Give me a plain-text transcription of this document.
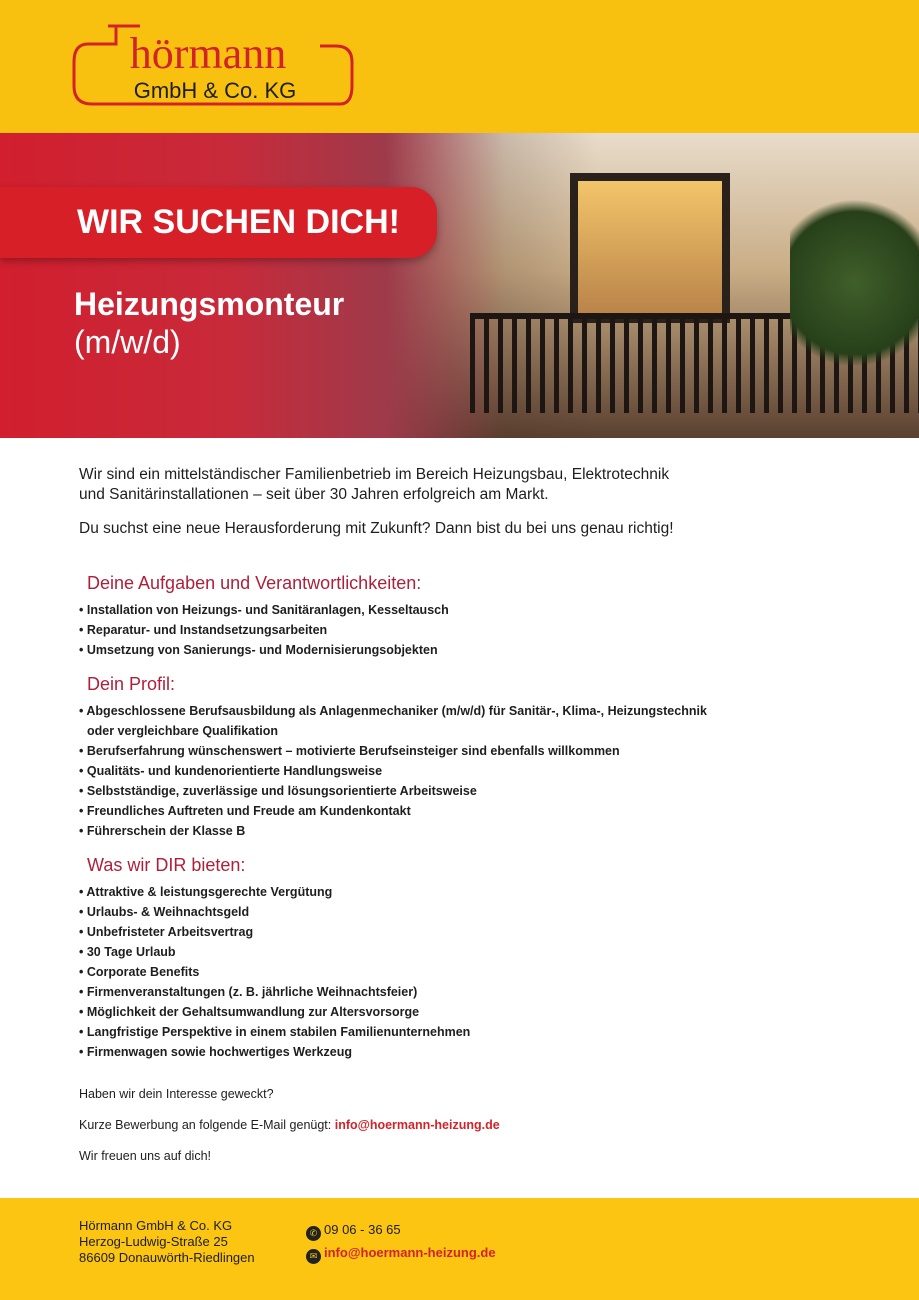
hörmann
GmbH & Co. KG
WIR SUCHEN DICH!
Heizungsmonteur
(m/w/d)

Wir sind ein mittelständischer Familienbetrieb im Bereich Heizungsbau, Elektrotechnik und Sanitärinstallationen – seit über 30 Jahren erfolgreich am Markt.

Du suchst eine neue Herausforderung mit Zukunft? Dann bist du bei uns genau richtig!

Deine Aufgaben und Verantwortlichkeiten:
• Installation von Heizungs- und Sanitäranlagen, Kesseltausch
• Reparatur- und Instandsetzungsarbeiten
• Umsetzung von Sanierungs- und Modernisierungsobjekten
Dein Profil:
• Abgeschlossene Berufsausbildung als Anlagenmechaniker (m/w/d) für Sanitär-, Klima-, Heizungstechnik
oder vergleichbare Qualifikation
• Berufserfahrung wünschenswert – motivierte Berufseinsteiger sind ebenfalls willkommen
• Qualitäts- und kundenorientierte Handlungsweise
• Selbstständige, zuverlässige und lösungsorientierte Arbeitsweise
• Freundliches Auftreten und Freude am Kundenkontakt
• Führerschein der Klasse B
Was wir DIR bieten:
• Attraktive & leistungsgerechte Vergütung
• Urlaubs- & Weihnachtsgeld
• Unbefristeter Arbeitsvertrag
• 30 Tage Urlaub
• Corporate Benefits
• Firmenveranstaltungen (z. B. jährliche Weihnachtsfeier)
• Möglichkeit der Gehaltsumwandlung zur Altersvorsorge
• Langfristige Perspektive in einem stabilen Familienunternehmen
• Firmenwagen sowie hochwertiges Werkzeug

Haben wir dein Interesse geweckt?

Kurze Bewerbung an folgende E-Mail genügt: info@hoermann-heizung.de

Wir freuen uns auf dich!

Hörmann GmbH & Co. KG
Herzog-Ludwig-Straße 25
86609 Donauwörth-Riedlingen
✆ 09 06 - 36 65
✉ info@hoermann-heizung.de
